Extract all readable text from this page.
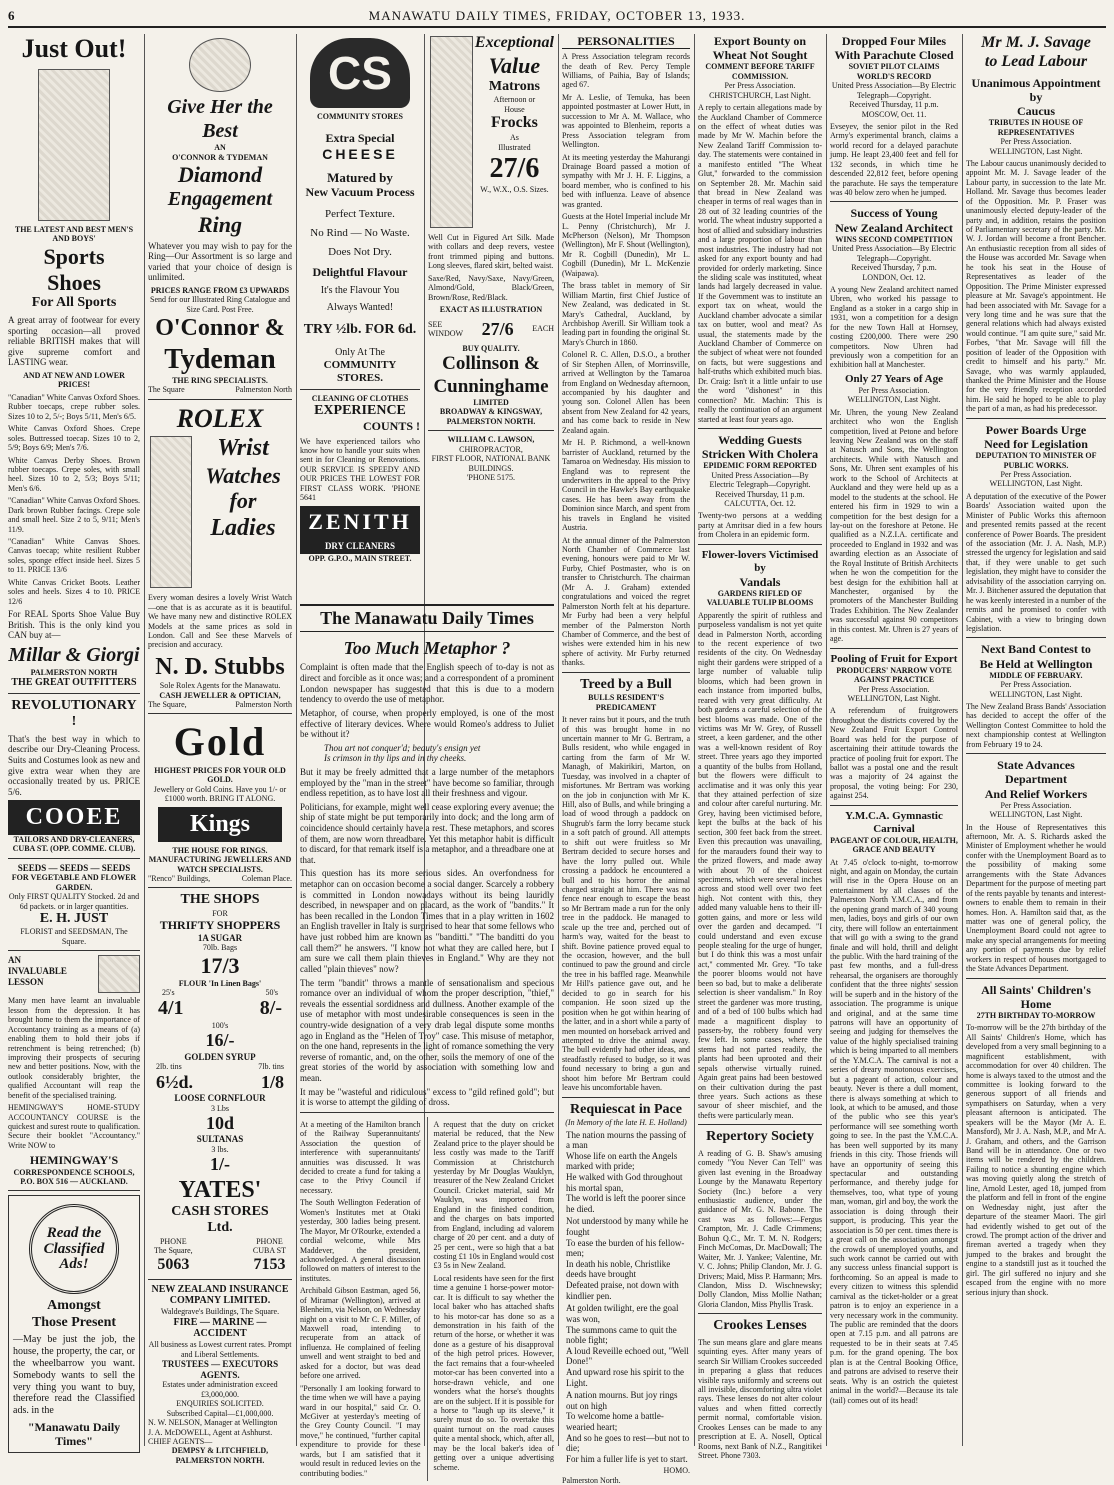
6	MANAWATU DAILY TIMES, FRIDAY, OCTOBER 13, 1933.
Just Out!
THE LATEST AND BEST MEN'S AND BOYS'
Sports
Shoes
For All Sports

A great array of footwear for every sporting occasion—all proved reliable BRITISH makes that will give supreme comfort and LASTING wear.

AND AT NEW AND LOWER PRICES!

"Canadian" White Canvas Oxford Shoes. Rubber toecaps, crepe rubber soles. Sizes 10 to 2, 5/-; Boys 5/11, Men's 6/5.

White Canvas Oxford Shoes. Crepe soles. Buttressed toecap. Sizes 10 to 2, 5/9; Boys 6/9; Men's 7/6.

White Canvas Derby Shoes. Brown rubber toecaps. Crepe soles, with small heel. Sizes 10 to 2, 5/3; Boys 5/11; Men's 6/6.

"Canadian" White Canvas Oxford Shoes. Dark brown Rubber facings. Crepe sole and small heel. Size 2 to 5, 9/11; Men's 11/9.

"Canadian" White Canvas Shoes. Canvas toecap; white resilient Rubber soles, sponge effect inside heel. Sizes 5 to 11. PRICE 13/6

White Canvas Cricket Boots. Leather soles and heels. Sizes 4 to 10. PRICE 12/6

For REAL Sports Shoe Value Buy British. This is the only kind you CAN buy at—

Millar & Giorgi
PALMERSTON NORTH
THE GREAT OUTFITTERS
REVOLUTIONARY !

That's the best way in which to describe our Dry-Cleaning Process. Suits and Costumes look as new and give extra wear when they are occasionally treated by us. PRICE 5/6.

COOEE
TAILORS AND DRY-CLEANERS, CUBA ST. (OPP. COMME. CLUB).
SEEDS — SEEDS — SEEDS
FOR VEGETABLE AND FLOWER GARDEN.
Only FIRST QUALITY Stocked. 2d and 6d packets. or in larger quantities.
E. H. JUST
FLORIST and SEEDSMAN, The Square.
AN
INVALUABLE
LESSON

Many men have learnt an invaluable lesson from the depression. It has brought home to them the importance of Accountancy training as a means of (a) enabling them to hold their jobs if retrenchment is being retrenched; (b) improving their prospects of securing new and better positions. Now, with the outlook considerably brighter, the qualified Accountant will reap the benefit of the specialised training.

HEMINGWAY'S HOME-STUDY ACCOUNTANCY COURSE is the quickest and surest route to qualification. Secure their booklet "Accountancy." Write NOW to

HEMINGWAY'S
CORRESPONDENCE SCHOOLS,
P.O. BOX 516 — AUCKLAND.
Read the Classified Ads!
Amongst
Those Present

—May be just the job, the house, the property, the car, or the wheelbarrow you want. Somebody wants to sell the very thing you want to buy, therefore read the Classified ads. in the

"Manawatu Daily Times"
Give Her the Best
AN
O'CONNOR & TYDEMAN
Diamond
Engagement
Ring

Whatever you may wish to pay for the Ring—Our Assortment is so large and varied that your choice of design is unlimited.

PRICES RANGE FROM £3 UPWARDS
Send for our Illustrated Ring Catalogue and Size Card. Post Free.
O'Connor &
Tydeman
THE RING SPECIALISTS.
The Square	Palmerston North
ROLEX
Wrist
Watches
for
Ladies

Every woman desires a lovely Wrist Watch—one that is as accurate as it is beautiful. We have many new and distinctive ROLEX Models at the same prices as sold in London. Call and See these Marvels of precision and accuracy.

N. D. Stubbs
Sole Rolex Agents for the Manawatu.
CASH JEWELLER & OPTICIAN,
The Square,	Palmerston North
Gold
HIGHEST PRICES FOR YOUR OLD GOLD.
Jewellery or Gold Coins. Have you 1/- or £1000 worth. BRING IT ALONG.
Kings
THE HOUSE FOR RINGS.
MANUFACTURING JEWELLERS AND WATCH SPECIALISTS.
"Renco" Buildings,	Coleman Place.
THE SHOPS
FOR
THRIFTY SHOPPERS
1A SUGAR
70lb. Bags
17/3
FLOUR 'In Linen Bags'
25's	50's
4/1	8/-
100's
16/-
GOLDEN SYRUP
2lb. tins	7lb. tins
6½d.	1/8
LOOSE CORNFLOUR
3 Lbs
10d
SULTANAS
3 lbs.
1/-
YATES'
CASH STORES
Ltd.
PHONE
The Square,
5063
PHONE
CUBA ST
7153
NEW ZEALAND INSURANCE COMPANY LIMITED.
Waldegrave's Buildings, The Square.
FIRE — MARINE — ACCIDENT
All business as Lowest current rates. Prompt and Liberal Settlements.
TRUSTEES — EXECUTORS AGENTS.
Estates under administration exceed £3,000,000.
ENQUIRIES SOLICITED.
Subscribed Capital—£1,000,000.
N. W. NELSON, Manager at Wellington
J. A. McDOWELL, Agent at Ashhurst.
CHIEF AGENTS—
DEMPSY & LITCHFIELD, PALMERSTON NORTH.
CS
COMMUNITY STORES
Extra Special
CHEESE
Matured by
New Vacuum Process
Perfect Texture.
No Rind — No Waste.
Does Not Dry.
Delightful Flavour
It's the Flavour You
Always Wanted!
TRY ½lb. FOR 6d.
Only At The
COMMUNITY STORES.
CLEANING OF CLOTHES
EXPERIENCE
COUNTS !

We have experienced tailors who know how to handle your suits when sent in for Cleaning or Renovations. OUR SERVICE IS SPEEDY AND OUR PRICES THE LOWEST FOR FIRST CLASS WORK. 'PHONE 5641

ZENITH
DRY CLEANERS
OPP. G.P.O., MAIN STREET.
Exceptional
Value
Matrons
Afternoon or
House
Frocks
As
Illustrated
27/6
W., W.X., O.S. Sizes.

Well Cut in Figured Art Silk. Made with collars and deep revers, vestee front trimmed piping and buttons. Long sleeves, flared skirt, belted waist.

Saxe/Red, Navy/Saxe, Navy/Green, Almond/Gold, Black/Green, Brown/Rose, Red/Black.

EXACT AS ILLUSTRATION
SEE
WINDOW 27/6 EACH
BUY QUALITY.
Collinson &
Cunninghame
LIMITED
BROADWAY & KINGSWAY, PALMERSTON NORTH.
WILLIAM C. LAWSON,
CHIROPRACTOR,
FIRST FLOOR, NATIONAL BANK BUILDINGS.
'PHONE 5175.
The Manawatu Daily Times
Too Much Metaphor ?

Complaint is often made that the English speech of to-day is not as direct and forcible as it once was; and a correspondent of a prominent London newspaper has suggested that this is due to a modern tendency to overdo the use of metaphor.

Metaphor, of course, when properly employed, is one of the most effective of literary devices. Where would Romeo's address to Juliet be without it?

Thou art not conquer'd; beauty's ensign yet
Is crimson in thy lips and in thy cheeks.

But it may be freely admitted that a large number of the metaphors employed by the "man in the street" have become so familiar, through endless repetition, as to have lost all their freshness and vigour.

Politicians, for example, might well cease exploring every avenue; the ship of state might be put temporarily into dock; and the long arm of coincidence should certainly have a rest. These metaphors, and scores of them, are now worn threadbare. Yet this metaphor habit is difficult to discard, for that remark itself is a metaphor, and a threadbare one at that.

This question has its more serious sides. An overfondness for metaphor can on occasion become a social danger. Scarcely a robbery is committed in London nowadays without its being lauridly described, in newspaper and on placard, as the work of "bandits." It has been recalled in the London Times that in a play written in 1602 an English traveller in Italy is surprised to hear that some fellows who have just robbed him are known as "banditti." "The banditti do you call them?" he answers. "I know not what they are called here, but I am sure we call them plain thieves in England." Why are they not called "plain thieves" now?

The term "bandit" throws a mantle of sensationalism and specious romance over an individual of whom the proper description, "thief," reveals the essential sordidness and dullness. Another example of the use of metaphor with most undesirable consequences is seen in the country-wide designation of a very drab legal dispute some months ago in England as the "Helen of Troy" case. This misuse of metaphor, on the one hand, represents in the light of romance something the very reverse of romantic, and, on the other, soils the memory of one of the great stories of the world by association with something low and mean.

It may be "wasteful and ridiculous" excess to "gild refined gold"; but it is worse to attempt the gilding of dross.

At a meeting of the Hamilton branch of the Railway Superannuitants' Association the question of interference with superannuitants' annuities was discussed. It was decided to create a fund for taking a case to the Privy Council if necessary.

The South Wellington Federation of Women's Institutes met at Otaki yesterday, 300 ladies being present. The Mayor, Mr O'Rourke, extended a cordial welcome, while Mrs Maddever, the president, acknowledged. A general discussion followed on matters of interest to the institutes.

Archibald Gibson Eastman, aged 56, of Miramar (Wellington), arrived at Blenheim, via Nelson, on Wednesday night on a visit to Mr C. F. Miller, of Maxwell road, intending to recuperate from an attack of influenza. He complained of feeling unwell and went straight to bed and asked for a doctor, but was dead before one arrived.

"Personally I am looking forward to the time when we will have a paying ward in our hospital," said Cr. O. McGiver at yesterday's meeting of the Grey County Council. "I may move," he continued, "further capital expenditure to provide for these wards, but I am satisfied that it would result in reduced levies on the contributing bodies."

A request that the duty on cricket material be reduced, that the New Zealand price to the player should be less costly was made to the Tariff Commission at Christchurch yesterday by Mr Douglas Wauklyn, treasurer of the New Zealand Cricket Council. Cricket material, said Mr Wauklyn, was imported from England in the finished condition, and the charges on bats imported from England, including ad valorem charge of 20 per cent. and a duty of 25 per cent., were so high that a bat costing £1 10s in England would cost £3 5s in New Zealand.

Local residents have seen for the first time a genuine 1 horse-power motor-car. It is difficult to say whether the local baker who has attached shafts to his motor-car has done so as a demonstration in his faith of the return of the horse, or whether it was done as a gesture of his disapproval of the high petrol prices. However, the fact remains that a four-wheeled motor-car has been converted into a horse-drawn vehicle, and one wonders what the horse's thoughts are on the subject. If it is possible for a horse to "laugh up its sleeve," it surely must do so. To overtake this quaint turnout on the road causes quite a mental shock, which, after all, may be the local baker's idea of getting over a unique advertising scheme.

PERSONALITIES

A Press Association telegram records the death of Rev. Percy Temple Williams, of Paihia, Bay of Islands; aged 67.

Mr A. Leslie, of Temuka, has been appointed postmaster at Lower Hutt, in succession to Mr A. M. Wallace, who was appointed to Blenheim, reports a Press Association telegram from Wellington.

At its meeting yesterday the Mahurangi Drainage Board passed a motion of sympathy with Mr J. H. F. Liggins, a board member, who is confined to his bed with influenza. Leave of absence was granted.

Guests at the Hotel Imperial include Mr L. Penny (Christchurch), Mr J. McPherson (Nelson), Mr Thompson (Wellington), Mr F. Shout (Wellington), Mr R. Cogbill (Dunedin), Mr L. Cogbill (Dunedin), Mr L. McKenzie (Waipawa).

The brass tablet in memory of Sir William Martin, first Chief Justice of New Zealand, was dedicated in St. Mary's Cathedral, Auckland, by Archbishop Averill. Sir William took a leading part in founding the original St. Mary's Church in 1860.

Colonel R. C. Allen, D.S.O., a brother of Sir Stephen Allen, of Morrinsville, arrived at Wellington by the Tamaroa from England on Wednesday afternoon, accompanied by his daughter and young son. Colonel Allen has been absent from New Zealand for 42 years, and has come back to reside in New Zealand again.

Mr H. P. Richmond, a well-known barrister of Auckland, returned by the Tamaroa on Wednesday. His mission to England was to represent the underwriters in the appeal to the Privy Council in the Hawke's Bay earthquake cases. He has been away from the Dominion since March, and spent from his travels in England he visited Austria.

At the annual dinner of the Palmerston North Chamber of Commerce last evening, honours were paid to Mr W. Furby, Chief Postmaster, who is on transfer to Christchurch. The chairman (Mr A. J. Graham) extended congratulations and voiced the regret Palmerston North felt at his departure. Mr Furby had been a very helpful member of the Palmerston North Chamber of Commerce, and the best of wishes were extended him in his new sphere of activity. Mr Furby returned thanks.

Treed by a Bull
BULLS RESIDENT'S PREDICAMENT

It never rains but it pours, and the truth of this was brought home in no uncertain manner to Mr G. Bertram, a Bulls resident, who while engaged in carting from the farm of Mr W. Managh, of Makirikiri, Marton, on Tuesday, was involved in a chapter of misfortunes. Mr Bertram was working on the job in conjunction with Mr K. Hill, also of Bulls, and while bringing a load of wood through a paddock on Shugrub's farm the lorry became stuck in a soft patch of ground. All attempts to shift out were fruitless so Mr Bertram decided to secure horses and have the lorry pulled out. While crossing a paddock he encountered a bull and to his horror the animal charged straight at him. There was no fence near enough to escape the beast so Mr Bertram made a run for the only tree in the paddock. He managed to scale up the tree and, perched out of harm's way, waited for the beast to shift. Bovine patience proved equal to the occasion, however, and the bull continued to paw the ground and circle the tree in his baffled rage. Meanwhile Mr Hill's patience gave out, and he decided to go in search for his companion. He soon sized up the position when he got within hearing of the latter, and in a short while a party of men mounted on horseback arrived and attempted to drive the animal away. The bull evidently had other ideas, and steadfastly refused to budge, so it was found necessary to bring a gun and shoot him before Mr Bertram could leave his uncomfortable haven.

Requiescat in Pace
(In Memory of the late H. E. Holland)

The nation mourns the passing of a man
Whose life on earth the Angels marked with pride;
He walked with God throughout his mortal span,
The world is left the poorer since he died.

Not understood by many while he fought
To ease the burden of his fellow-men;
In death his noble, Christlike deeds have brought
Defeated praise, not down with kindlier pen.

At golden twilight, ere the goal was won,
The summons came to quit the noble fight;
A loud Reveille echoed out, "Well Done!"
And upward rose his spirit to the Light.

A nation mourns. But joy rings out on high
To welcome home a battle-wearied heart;
And so he goes to rest—but not to die;
For him a fuller life is yet to start.

HOMO.
Palmerston North.
Export Bounty on
Wheat Not Sought
COMMENT BEFORE TARIFF COMMISSION.
Per Press Association.
CHRISTCHURCH, Last Night.

A reply to certain allegations made by the Auckland Chamber of Commerce on the effect of wheat duties was made by Mr W. Machin before the New Zealand Tariff Commission to-day. The statements were contained in a manifesto entitled "The Wheat Glut," forwarded to the commission on September 28. Mr. Machin said that bread in New Zealand was cheaper in terms of real wages than in 28 out of 32 leading countries of the world. The wheat industry supported a host of allied and subsidiary industries and a large proportion of labour than most industries. The industry had not asked for any export bounty and had provided for orderly marketing. Since the sliding scale was instituted, wheat lands had largely decreased in value. If the Government was to institute an export tax on wheat, would the Auckland chamber advocate a similar tax on butter, wool and meat? As usual, the statements made by the Auckland Chamber of Commerce on the subject of wheat were not founded on facts, but were suggestions and half-truths which exhibited much bias. Dr. Craig: Isn't it a little unfair to use the word "dishonest" in this connection? Mr. Machin: This is really the continuation of an argument started at least four years ago.

Wedding Guests
Stricken With Cholera
EPIDEMIC FORM REPORTED
United Press Association—By Electric Telegraph—Copyright.
Received Thursday, 11 p.m.
CALCUTTA, Oct. 12.

Twenty-two persons at a wedding party at Amritsar died in a few hours from Cholera in an epidemic form.

Flower-lovers Victimised by
Vandals
GARDENS RIFLED OF VALUABLE TULIP BLOOMS

Apparently the spirit of ruthless and purposeless vandalism is not yet quite dead in Palmerston North, according to the recent experience of two residents of the city. On Wednesday night their gardens were stripped of a large number of valuable tulip blooms, which had been grown in each instance from imported bulbs, reared with very great difficulty. At both gardens a careful selection of the best blooms was made. One of the victims was Mr W. Grey, of Russell street, a keen gardener, and the other was a well-known resident of Roy street. Three years ago they imported a quantity of the bulbs from Holland, but the flowers were difficult to acclimatise and it was only this year that they attained perfection of size and colour after careful nurturing. Mr. Grey, having been victimised before, kept the bulbs at the back of his section, 300 feet back from the street. Even this precaution was unavailing, for the marauders found their way to the prized flowers, and made away with about 70 of the choicest specimens, which were several inches across and stood well over two feet high. Not content with this, they added many valuable hens to their ill-gotten gains, and more or less wild over the garden and decamped. "I could understand and even excuse people stealing for the urge of hunger, but I do think this was a most unfair act," commented Mr. Grey. "To take the poorer blooms would not have been so bad, but to make a deliberate selection is sheer vandalism." In Roy street the gardener was more trusting, and of a bed of 100 bulbs which had made a magnificent display to passers-by, the robbery found very few left. In some cases, where the stems had not parted readily, the plants had been uprooted and their sepals otherwise virtually ruined. Again great pains had been bestowed on their cultivation during the past three years. Such actions as these savour of sheer mischief, and the thefts were particularly mean.

Repertory Society

A reading of G. B. Shaw's amusing comedy "You Never Can Tell" was given last evening in the Broadway Lounge by the Manawatu Repertory Society (Inc.) before a very enthusiastic audience, under the guidance of Mr. G. N. Babone. The cast was as follows:—Fergus Crampton, Mr. J. Cadle Crimmens; Bohun Q.C., Mr. T. M. N. Rodgers; Finch McComas, Dr. MacDowall; The Waiter, Mr. J. Yankee; Valentine, Mr. V. C. Johns; Philip Clandon, Mr. J. G. Drivers; Maid, Miss P. Harmann; Mrs. Clandon, Miss D. Wischnewsky; Dolly Clandon, Miss Mollie Nathan; Gloria Clandon, Miss Phyllis Trask.

Crookes Lenses

The sun means glare and glare means squinting eyes. After many years of search Sir William Crookes succeeded in preparing a glass that reduces visible rays uniformly and screens out all invisible, discomforting ultra violet rays. These lenses do not alter colour values and when fitted correctly permit normal, comfortable vision. Crookes Lenses can be made to any prescription at E. A. Nosell, Optical Rooms, next Bank of N.Z., Rangitikei Street. Phone 7303.

Dropped Four Miles
With Parachute Closed
SOVIET PILOT CLAIMS WORLD'S RECORD
United Press Association—By Electric Telegraph—Copyright.
Received Thursday, 11 p.m.
MOSCOW, Oct. 11.

Evseyev, the senior pilot in the Red Army's experimental branch, claims a world record for a delayed parachute jump. He leapt 23,400 feet and fell for 132 seconds, in which time he descended 22,812 feet, before opening the parachute. He says the temperature was 40 below zero when he jumped.

Success of Young
New Zealand Architect
WINS SECOND COMPETITION
United Press Association—By Electric Telegraph—Copyright.
Received Thursday, 7 p.m.
LONDON, Oct. 12.

A young New Zealand architect named Ubren, who worked his passage to England as a stoker in a cargo ship in 1931, won a competition for a design for the new Town Hall at Hornsey, costing £200,000. There were 290 competitors. Now Uhren had previously won a competition for an exhibition hall at Manchester.

Only 27 Years of Age
Per Press Association.
WELLINGTON, Last Night.

Mr. Uhren, the young New Zealand architect who won the English competition, lived at Petone and before leaving New Zealand was on the staff at Natusch and Sons, the Wellington architects. While with Natusch and Sons, Mr. Uhren sent examples of his work to the School of Architects at Auckland and they were held up as a model to the students at the school. He entered his firm in 1929 to win a competition for the best design for a lay-out on the foreshore at Petone. He qualified as a N.Z.I.A. certificate and proceeded to England in 1932 and was awarding election as an Associate of the Royal Institute of British Architects when he won the competition for the best design for the exhibition hall at Manchester, organised by the promoters of the Manchester Building Trades Exhibition. The New Zealander was successful against 90 competitors in this contest. Mr. Uhren is 27 years of age.

Pooling of Fruit for Export
PRODUCERS' NARROW VOTE AGAINST PRACTICE
Per Press Association.
WELLINGTON, Last Night.

A referendum of fruitgrowers throughout the districts covered by the New Zealand Fruit Export Control Board was held for the purpose of ascertaining their attitude towards the practice of pooling fruit for export. The ballot was a postal one and the result was a majority of 24 against the proposal, the voting being: For 230, against 254.

Y.M.C.A. Gymnastic Carnival
PAGEANT OF COLOUR, HEALTH, GRACE AND BEAUTY

At 7.45 o'clock to-night, to-morrow night, and again on Monday, the curtain will rise in the Opera House on an entertainment by all classes of the Palmerston North Y.M.C.A., and from the opening grand march of 340 young men, ladies, boys and girls of our own city, there will follow an entertainment that will go with a swing to the grand finale and will hold, thrill and delight the public. With the hard training of the past few months, and a full-dress rehearsal, the organisers are thoroughly confident that the three nights' session will be superb and in the history of the association. The programme is unique and original, and at the same time patrons will have an opportunity of seeing and judging for themselves the value of the highly specialised training which is being imparted to all members of the Y.M.C.A. The carnival is not a series of dreary monotonous exercises, but a pageant of action, colour and beauty. Never is there a dull moment, there is always something at which to look, at which to be amused, and those of the public who see this year's performance will see something worth going to see. In the past the Y.M.C.A. has been well supported by its many friends in this city. Those friends will have an opportunity of seeing this spectacular and outstanding performance, and thereby judge for themselves, too, what type of young man, woman, girl and boy, the work the association is doing through their support, is producing. This year the association is 50 per cent. times there is a great call on the association amongst the crowds of unemployed youths, and such work cannot be carried out with any success unless financial support is forthcoming. So an appeal is made to every citizen to witness this splendid carnival as the ticket-holder or a great patron is to enjoy an experience in a very necessary work in the community. The public are reminded that the doors open at 7.15 p.m. and all patrons are requested to be in their seats at 7.45 p.m. for the grand opening. The box plan is at the Central Booking Office, and patrons are advised to reserve their seats. Why is an ostrich the quietest animal in the world?—Because its tale (tail) comes out of its head!

Mr M. J. Savage
to Lead Labour
Unanimous Appointment by
Caucus
TRIBUTES IN HOUSE OF REPRESENTATIVES
Per Press Association.
WELLINGTON, Last Night.

The Labour caucus unanimously decided to appoint Mr. M. J. Savage leader of the Labour party, in succession to the late Mr. Holland. Mr. Savage thus becomes leader of the Opposition. Mr. P. Fraser was unanimously elected deputy-leader of the party and, in addition, retains the position of Parliamentary secretary of the party. Mr. W. J. Jordan will become a front Bencher. An enthusiastic reception from all sides of the House was accorded Mr. Savage when he took his seat in the House of Representatives as leader of the Opposition. The Prime Minister expressed pleasure at Mr. Savage's appointment. He had been associated with Mr. Savage for a very long time and he was sure that the general relations which had always existed would continue. "I am quite sure," said Mr. Forbes, "that Mr. Savage will fill the position of leader of the Opposition with credit to himself and his party." Mr. Savage, who was warmly applauded, thanked the Prime Minister and the House for the very friendly reception accorded him. He said he hoped to be able to play the part of a man, as had his predecessor.

Power Boards Urge
Need for Legislation
DEPUTATION TO MINISTER OF PUBLIC WORKS.
Per Press Association.
WELLINGTON, Last Night.

A deputation of the executive of the Power Boards' Association waited upon the Minister of Public Works this afternoon and presented remits passed at the recent conference of Power Boards. The president of the association (Mr. J. A. Nash, M.P.) stressed the urgency for legislation and said that, if they were unable to get such legislation, they might have to consider the advisability of the association carrying on. Mr. J. Bitchener assured the deputation that he was keenly interested in a number of the remits and he promised to confer with Cabinet, with a view to bringing down legislation.

Next Band Contest to
Be Held at Wellington
MIDDLE OF FEBRUARY.
Per Press Association.
WELLINGTON, Last Night.

The New Zealand Brass Bands' Association has decided to accept the offer of the Wellington Contest Committee to hold the next championship contest at Wellington from February 19 to 24.

State Advances Department
And Relief Workers
Per Press Association.
WELLINGTON, Last Night.

In the House of Representatives this afternoon, Mr. A. S. Richards asked the Minister of Employment whether he would confer with the Unemployment Board as to the possibility of making some arrangements with the State Advances Department for the purpose of meeting part of the rents payable by tenants and interest-owners to enable them to remain in their homes. Hon. A. Hamilton said that, as the matter was one of general policy, the Unemployment Board could not agree to make any special arrangements for meeting any portion of payments due by relief workers in respect of houses mortgaged to the State Advances Department.

All Saints' Children's Home
27TH BIRTHDAY TO-MORROW

To-morrow will be the 27th birthday of the All Saints' Children's Home, which has developed from a very small beginning to a magnificent establishment, with accommodation for over 40 children. The home is always taxed to the utmost and the committee is looking forward to the generous support of all friends and sympathisers on Saturday, when a very pleasant afternoon is anticipated. The speakers will be the Mayor (Mr A. E. Mansford), Mr J. A. Nash, M.P., and Mr A. J. Graham, and others, and the Garrison Band will be in attendance. One or two items will be rendered by the children. Failing to notice a shunting engine which was moving quietly along the stretch of line, Arnold Lester, aged 18, jumped from the platform and fell in front of the engine on Wednesday night, just after the departure of the steamer Maori. The girl had evidently wished to get out of the crowd. The prompt action of the driver and fireman averted a tragedy when they jumped to the brakes and brought the engine to a standstill just as it touched the girl. The girl suffered no injury and she escaped from the engine with no more serious injury than shock.
